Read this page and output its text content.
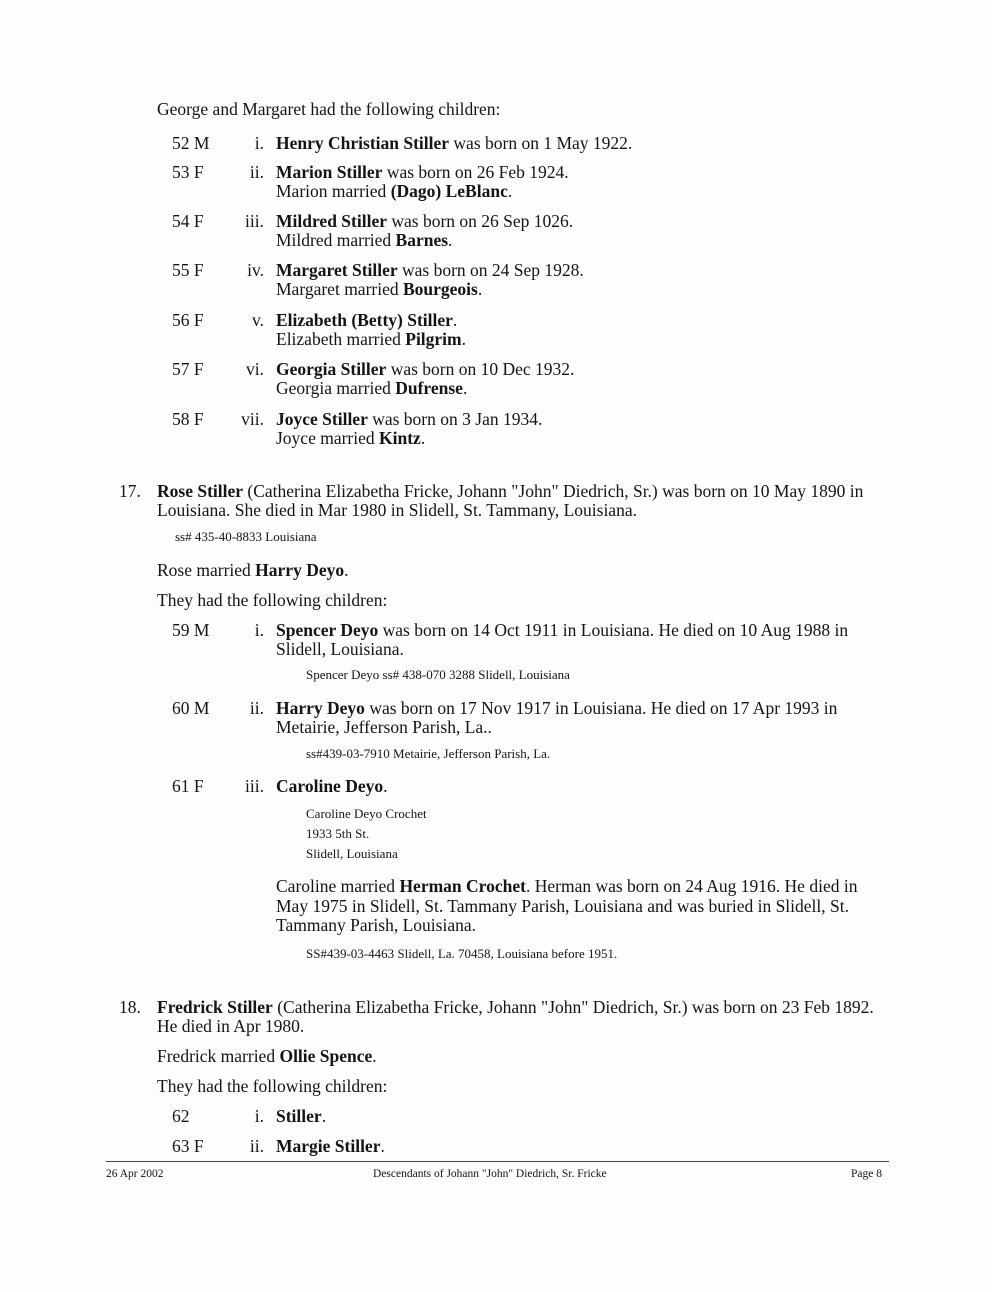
George and Margaret had the following children:
52 M	i. Henry Christian Stiller was born on 1 May 1922.
53 F	ii. Marion Stiller was born on 26 Feb 1924.
Marion married (Dago) LeBlanc.
54 F	iii. Mildred Stiller was born on 26 Sep 1026.
Mildred married Barnes.
55 F	iv. Margaret Stiller was born on 24 Sep 1928.
Margaret married Bourgeois.
56 F	v. Elizabeth (Betty) Stiller.
Elizabeth married Pilgrim.
57 F	vi. Georgia Stiller was born on 10 Dec 1932.
Georgia married Dufrense.
58 F	vii. Joyce Stiller was born on 3 Jan 1934.
Joyce married Kintz.
17. Rose Stiller (Catherina Elizabetha Fricke, Johann "John" Diedrich, Sr.) was born on 10 May 1890 in
Louisiana. She died in Mar 1980 in Slidell, St. Tammany, Louisiana.
ss# 435-40-8833 Louisiana
Rose married Harry Deyo.
They had the following children:
59 M	i. Spencer Deyo was born on 14 Oct 1911 in Louisiana. He died on 10 Aug 1988 in
Slidell, Louisiana.
Spencer Deyo ss# 438-070 3288 Slidell, Louisiana
60 M	ii. Harry Deyo was born on 17 Nov 1917 in Louisiana. He died on 17 Apr 1993 in
Metairie, Jefferson Parish, La..
ss#439-03-7910 Metairie, Jefferson Parish, La.
61 F	iii. Caroline Deyo.
Caroline Deyo Crochet
1933 5th St.
Slidell, Louisiana
Caroline married Herman Crochet. Herman was born on 24 Aug 1916. He died in
May 1975 in Slidell, St. Tammany Parish, Louisiana and was buried in Slidell, St.
Tammany Parish, Louisiana.
SS#439-03-4463 Slidell, La. 70458, Louisiana before 1951.
18. Fredrick Stiller (Catherina Elizabetha Fricke, Johann "John" Diedrich, Sr.) was born on 23 Feb 1892.
He died in Apr 1980.
Fredrick married Ollie Spence.
They had the following children:
62	i. Stiller.
63 F	ii. Margie Stiller.
26 Apr 2002	Descendants of Johann "John" Diedrich, Sr. Fricke	Page 8
